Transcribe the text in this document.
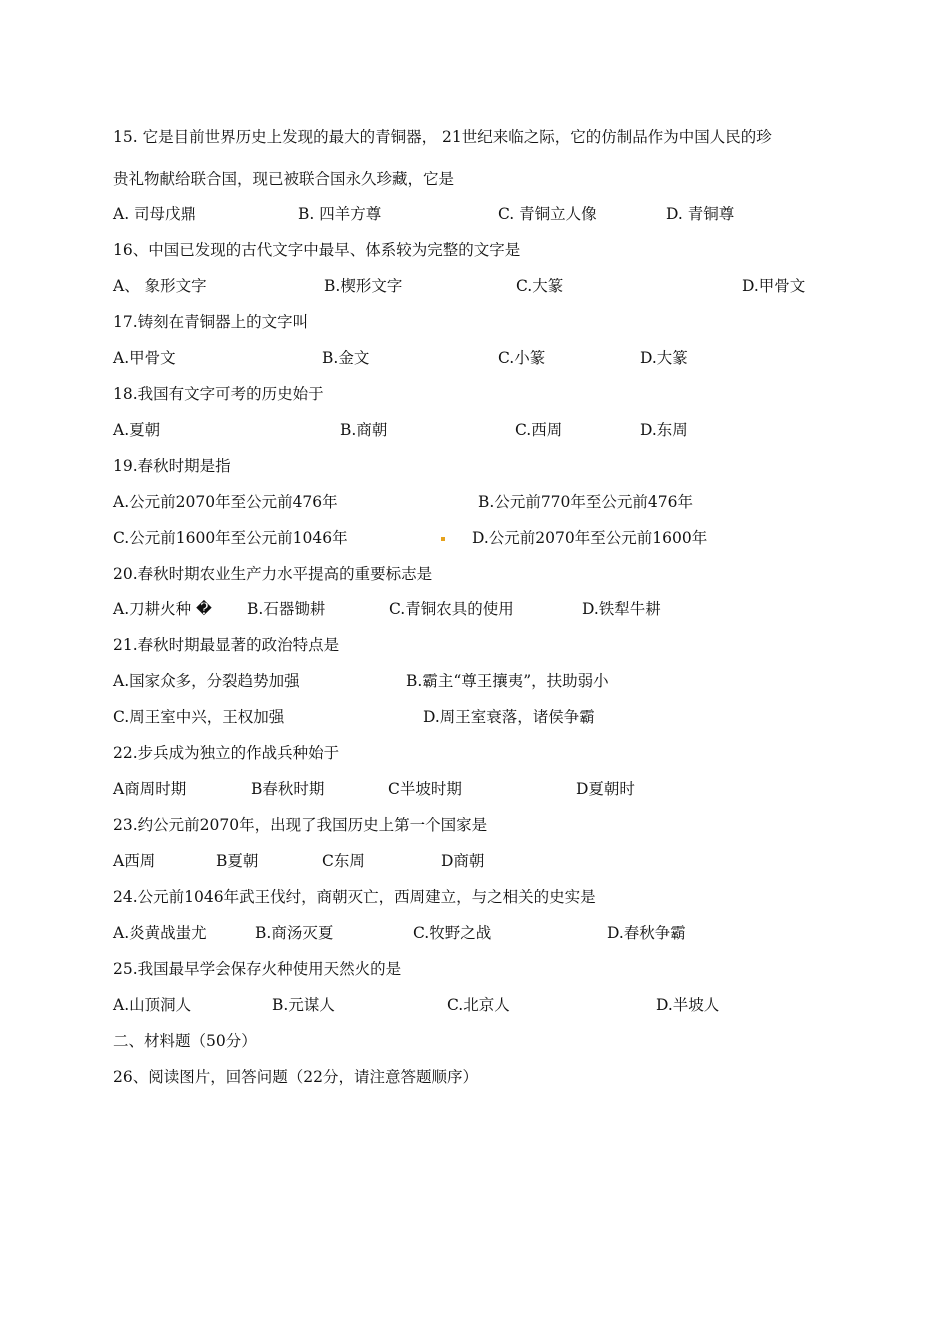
15. 它是目前世界历史上发现的最大的青铜器， 21世纪来临之际，它的仿制品作为中国人民的珍
贵礼物献给联合国，现已被联合国永久珍藏，它是
A. 司母戊鼎	B. 四羊方尊	C. 青铜立人像	D. 青铜尊
16、中国已发现的古代文字中最早、体系较为完整的文字是
A、 象形文字	B.楔形文字	C.大篆	D.甲骨文
17.铸刻在青铜器上的文字叫
A.甲骨文	B.金文	C.小篆	D.大篆
18.我国有文字可考的历史始于
A.夏朝	B.商朝	C.西周	D.东周
19.春秋时期是指
A.公元前2070年至公元前476年	B.公元前770年至公元前476年
C.公元前1600年至公元前1046年	D.公元前2070年至公元前1600年
20.春秋时期农业生产力水平提高的重要标志是
A.刀耕火种 � B.石器锄耕	C.青铜农具的使用	D.铁犁牛耕
21.春秋时期最显著的政治特点是
A.国家众多，分裂趋势加强	B.霸主“尊王攘夷”，扶助弱小
C.周王室中兴，王权加强	D.周王室衰落，诸侯争霸
22.步兵成为独立的作战兵种始于
A商周时期	B春秋时期	C半坡时期	D夏朝时
23.约公元前2070年，出现了我国历史上第一个国家是
A西周	B夏朝	C东周	D商朝
24.公元前1046年武王伐纣，商朝灭亡，西周建立，与之相关的史实是
A.炎黄战蚩尤	B.商汤灭夏	C.牧野之战	D.春秋争霸
25.我国最早学会保存火种使用天然火的是
A.山顶洞人	B.元谋人	C.北京人	D.半坡人
二、材料题（50分）
26、阅读图片，回答问题（22分，请注意答题顺序）
